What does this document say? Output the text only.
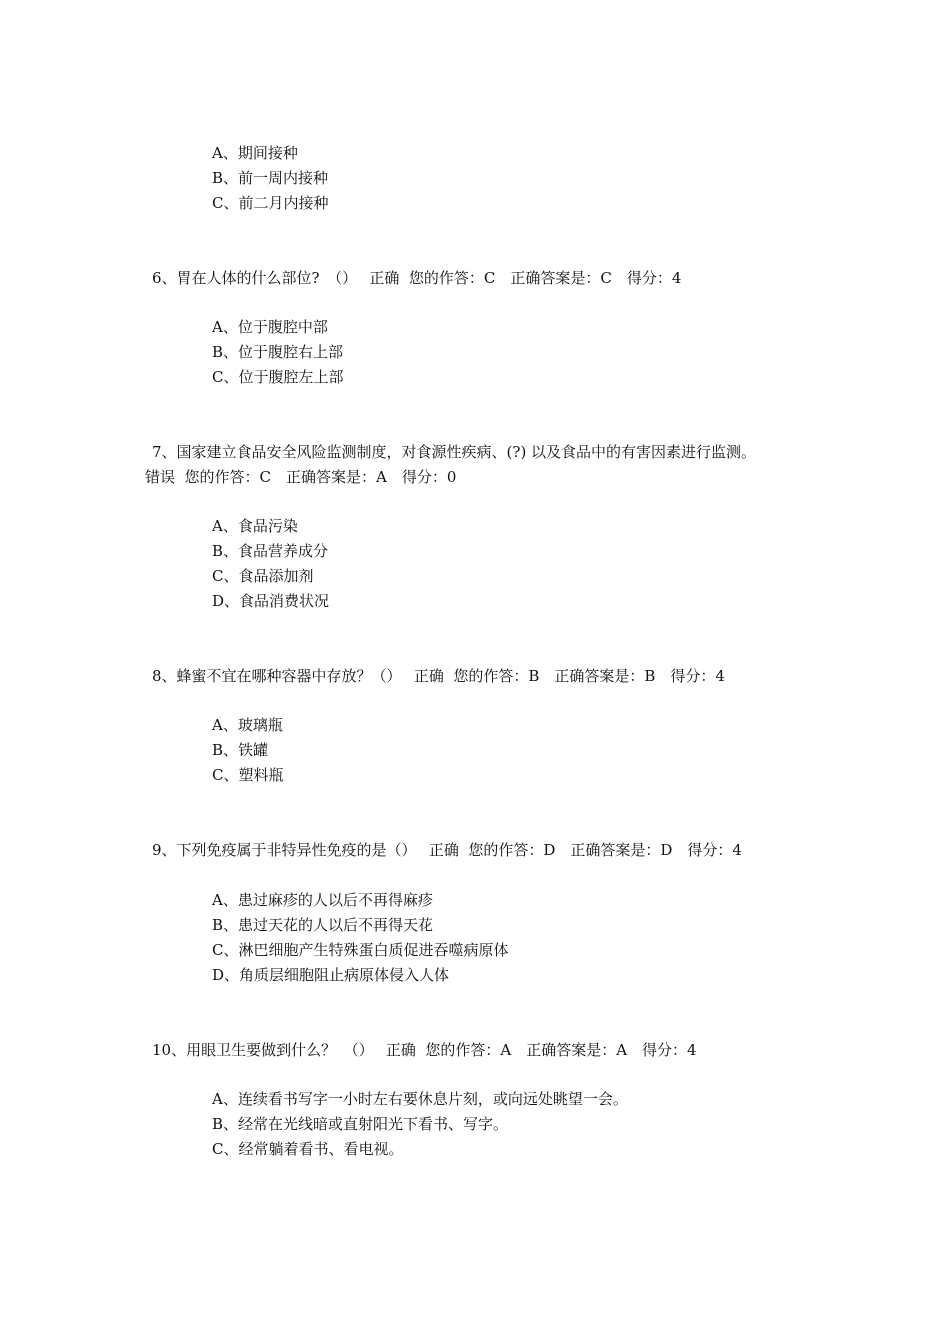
A、期间接种
B、前一周内接种
C、前二月内接种
6、胃在人体的什么部位?　（）　 正确  您的作答：C　正确答案是：C　得分：4
A、位于腹腔中部
B、位于腹腔右上部
C、位于腹腔左上部
7、国家建立食品安全风险监测制度，对食源性疾病、(?) 以及食品中的有害因素进行监测。
错误  您的作答：C　正确答案是：A　得分：0
A、食品污染
B、食品营养成分
C、食品添加剂
D、食品消费状况
8、蜂蜜不宜在哪种容器中存放？（）　 正确  您的作答：B　正确答案是：B　得分：4
A、玻璃瓶
B、铁罐
C、塑料瓶
9、下列免疫属于非特异性免疫的是（）　 正确  您的作答：D　正确答案是：D　得分：4
A、患过麻疹的人以后不再得麻疹
B、患过天花的人以后不再得天花
C、淋巴细胞产生特殊蛋白质促进吞噬病原体
D、角质层细胞阻止病原体侵入人体
10、用眼卫生要做到什么？　（）　 正确  您的作答：A　正确答案是：A　得分：4
A、连续看书写字一小时左右要休息片刻，或向远处眺望一会。
B、经常在光线暗或直射阳光下看书、写字。
C、经常躺着看书、看电视。
